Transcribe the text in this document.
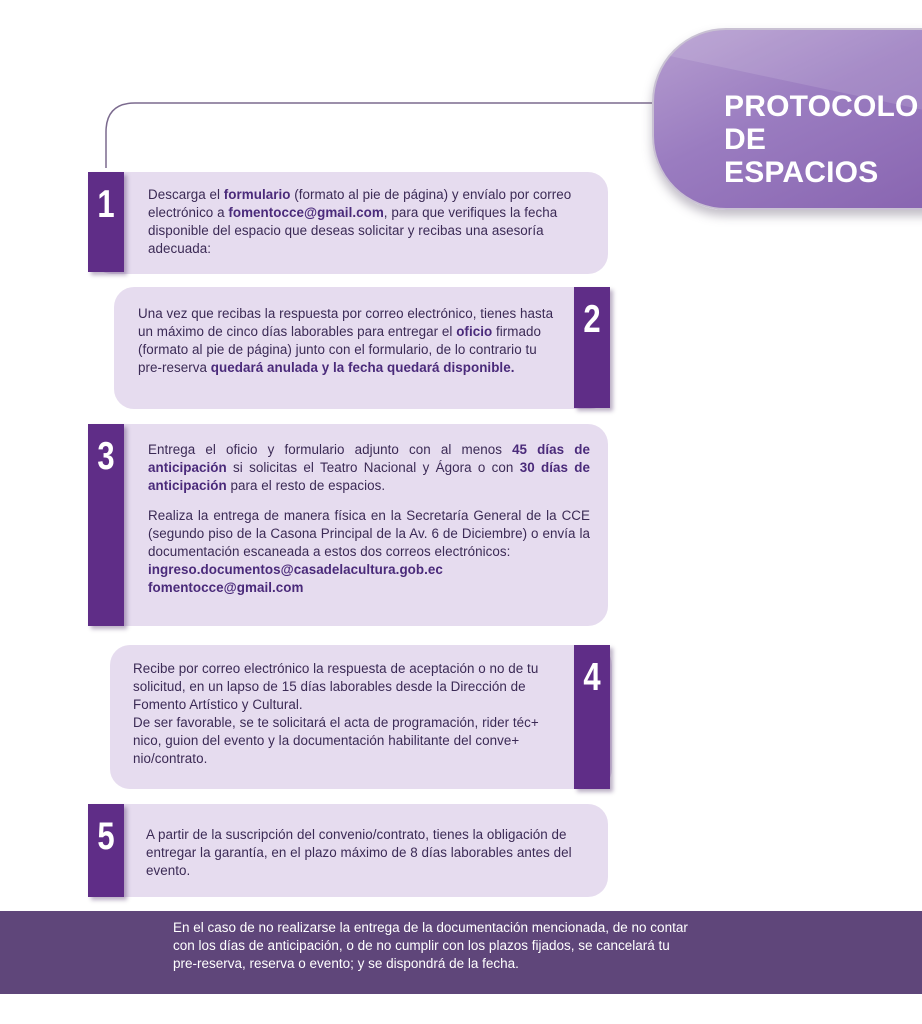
PROTOCOLO
DE ESPACIOS
1	Descarga el formulario (formato al pie de página) y envíalo por correo electrónico a fomentocce@gmail.com, para que verifiques la fecha disponible del espacio que deseas solicitar y recibas una asesoría adecuada:
2
Una vez que recibas la respuesta por correo electrónico, tienes hasta un máximo de cinco días laborables para entregar el oficio firmado (formato al pie de página) junto con el formulario, de lo contrario tu pre-reserva quedará anulada y la fecha quedará disponible.
3	Entrega el oficio y formulario adjunto con al menos 45 días de anticipación si solicitas el Teatro Nacional y Ágora o con 30 días de anticipación para el resto de espacios.
Realiza la entrega de manera física en la Secretaría General de la CCE (segundo piso de la Casona Principal de la Av. 6 de Diciembre) o envía la documentación escaneada a estos dos correos electrónicos:
ingreso.documentos@casadelacultura.gob.ec
fomentocce@gmail.com
4
Recibe por correo electrónico la respuesta de aceptación o no de tu
solicitud, en un lapso de 15 días laborables desde la Dirección de
Fomento Artístico y Cultural.
De ser favorable, se te solicitará el acta de programación, rider téc+
nico, guion del evento y la documentación habilitante del conve+
nio/contrato.
5	A partir de la suscripción del convenio/contrato, tienes la obligación de entregar la garantía, en el plazo máximo de 8 días laborables antes del evento.
En el caso de no realizarse la entrega de la documentación mencionada, de no contar
con los días de anticipación, o de no cumplir con los plazos fijados, se cancelará tu
pre-reserva, reserva o evento; y se dispondrá de la fecha.
